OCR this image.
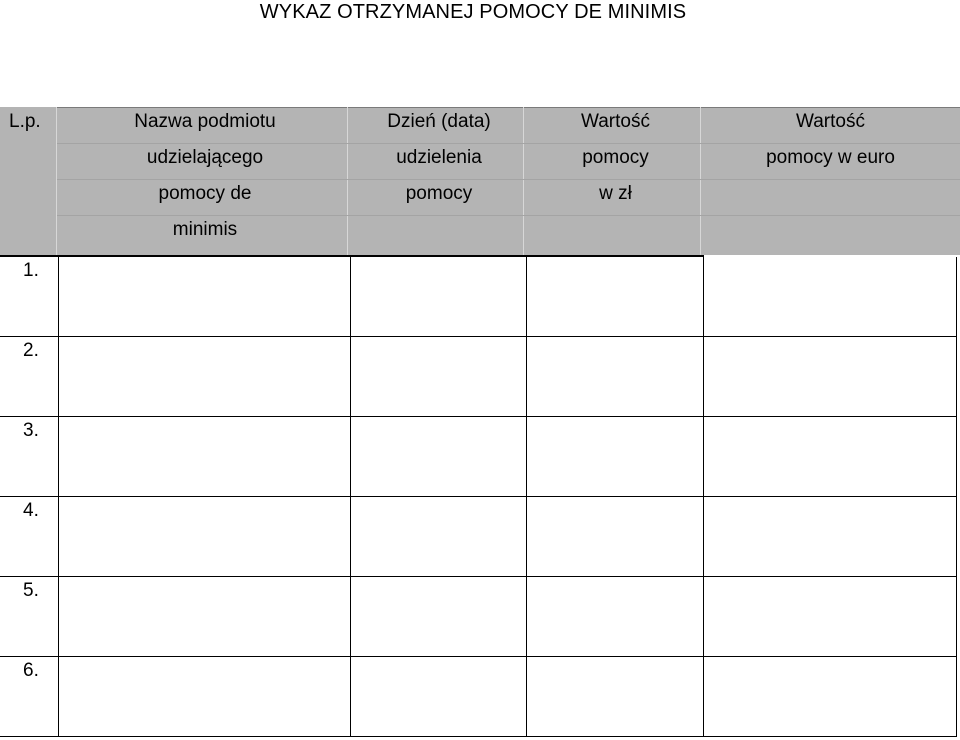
WYKAZ OTRZYMANEJ POMOCY DE MINIMIS
L.p.	Nazwa podmiotu
udzielającego
pomocy de
minimis
Dzień (data)
udzielenia
pomocy
Wartość
pomocy
w zł
Wartość
pomocy w euro
1.
2.
3.
4.
5.
6.
